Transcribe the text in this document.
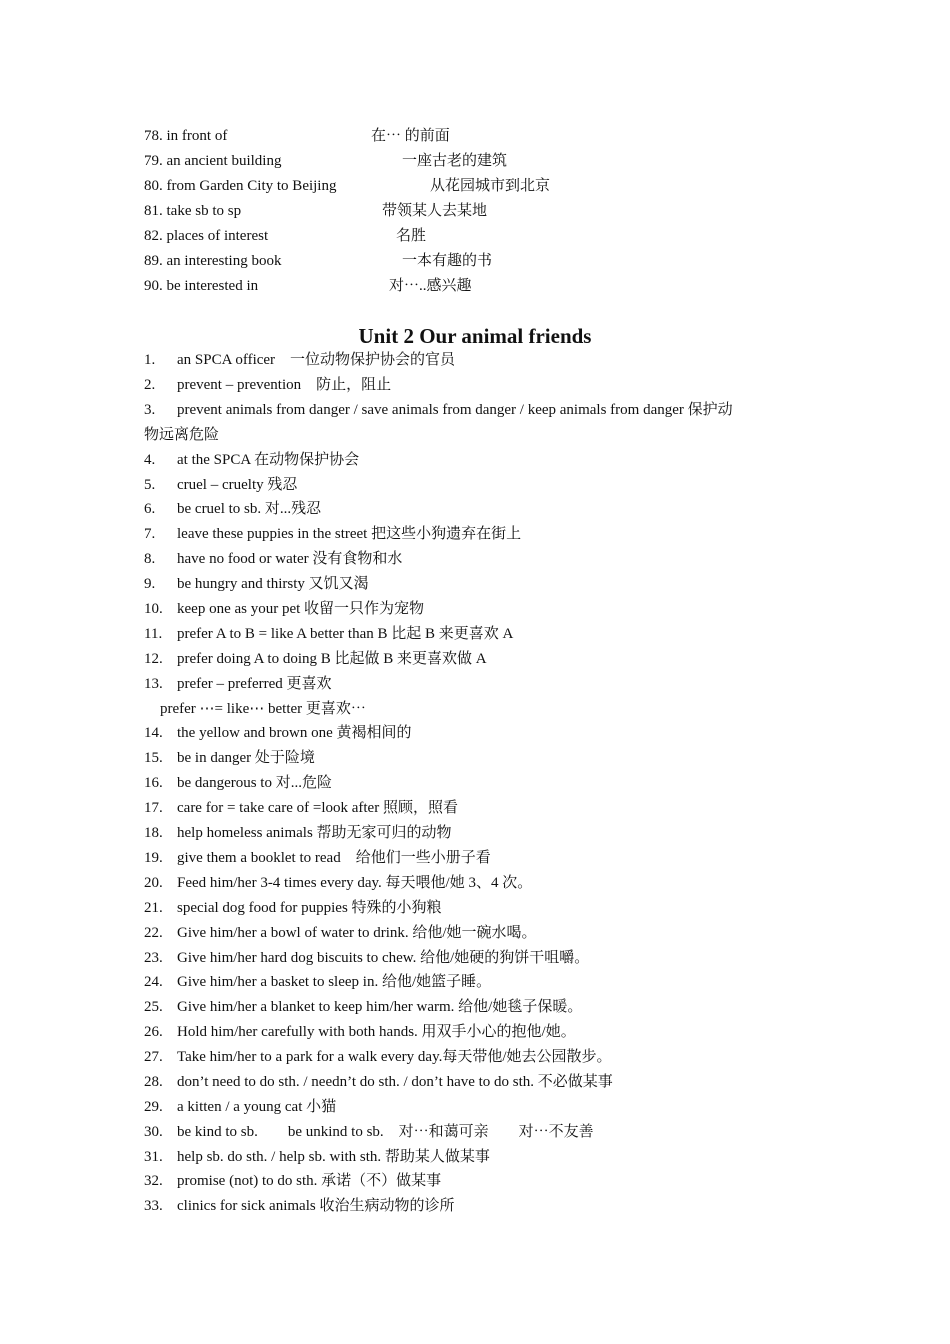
78. in front of	在⋯ 的前面
79. an ancient building	一座古老的建筑
80. from Garden City to Beijing	从花园城市到北京
81. take sb to sp	带领某人去某地
82. places of interest	名胜
89. an interesting book	一本有趣的书
90. be interested in	对⋯..感兴趣
Unit 2 Our animal friends
1. an SPCA officer　一位动物保护协会的官员
2. prevent – prevention　防止，阻止
3. prevent animals from danger / save animals from danger / keep animals from danger 保护动
物远离危险
4. at the SPCA 在动物保护协会
5. cruel – cruelty 残忍
6. be cruel to sb. 对...残忍
7. leave these puppies in the street 把这些小狗遗弃在街上
8. have no food or water 没有食物和水
9. be hungry and thirsty 又饥又渴
10. keep one as your pet 收留一只作为宠物
11. prefer A to B = like A better than B 比起 B 来更喜欢 A
12. prefer doing A to doing B 比起做 B 来更喜欢做 A
13. prefer – preferred 更喜欢
prefer ⋯= like⋯ better 更喜欢⋯
14. the yellow and brown one 黄褐相间的
15. be in danger 处于险境
16. be dangerous to 对...危险
17. care for = take care of =look after 照顾，照看
18. help homeless animals 帮助无家可归的动物
19. give them a booklet to read　给他们一些小册子看
20. Feed him/her 3-4 times every day. 每天喂他/她 3、4 次。
21. special dog food for puppies 特殊的小狗粮
22. Give him/her a bowl of water to drink. 给他/她一碗水喝。
23. Give him/her hard dog biscuits to chew. 给他/她硬的狗饼干咀嚼。
24. Give him/her a basket to sleep in. 给他/她篮子睡。
25. Give him/her a blanket to keep him/her warm. 给他/她毯子保暖。
26. Hold him/her carefully with both hands. 用双手小心的抱他/她。
27. Take him/her to a park for a walk every day.每天带他/她去公园散步。
28. don’t need to do sth. / needn’t do sth. / don’t have to do sth. 不必做某事
29. a kitten / a young cat 小猫
30. be kind to sb.　　be unkind to sb.　对⋯和蔼可亲　　对⋯不友善
31. help sb. do sth. / help sb. with sth. 帮助某人做某事
32. promise (not) to do sth. 承诺（不）做某事
33. clinics for sick animals 收治生病动物的诊所
